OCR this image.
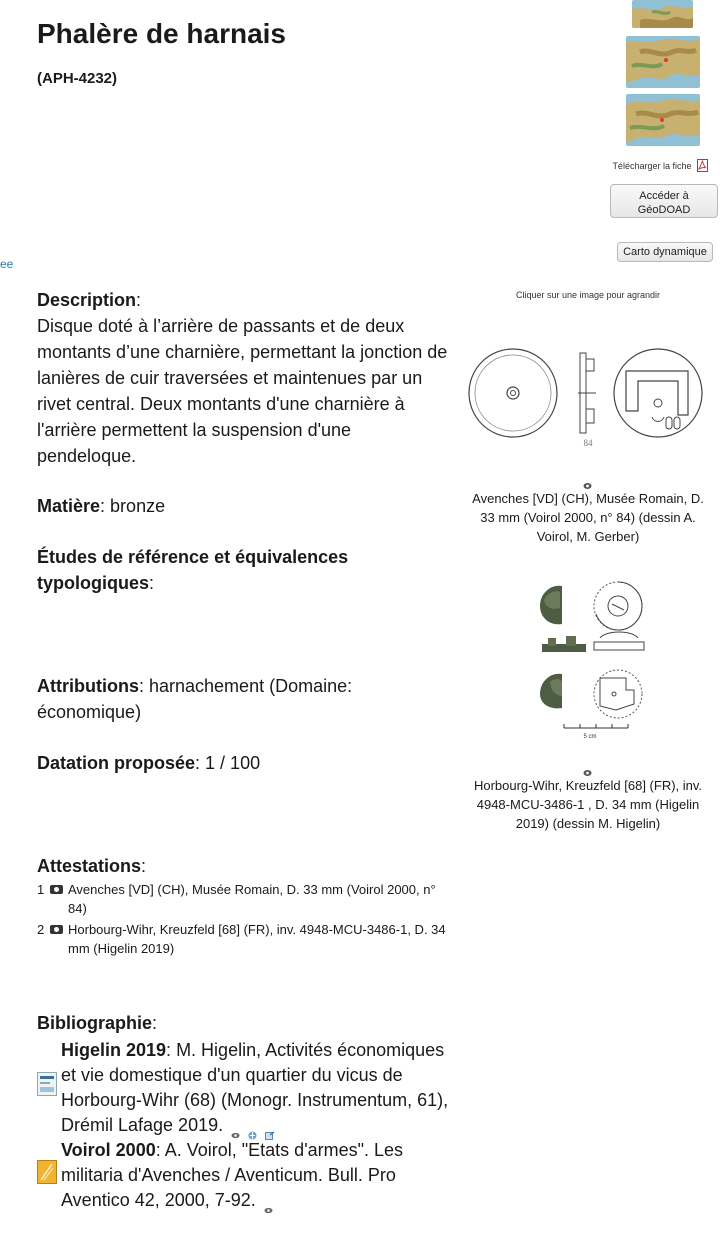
Phalère de harnais
(APH-4232)
ee
Télécharger la fiche
Accéder à
GéoDOAD
Carto dynamique
Cliquer sur une image pour agrandir
Description:
Disque doté à l’arrière de passants et de deux montants d’une charnière, permettant la jonction de lanières de cuir traversées et maintenues par un rivet central. Deux montants d'une charnière à l'arrière permettent la suspension d'une pendeloque.
Matière: bronze
Études de référence et équivalences typologiques:
Attributions: harnachement (Domaine: économique)
Datation proposée: 1 / 100
Attestations:
1 Avenches [VD] (CH), Musée Romain, D. 33 mm (Voirol 2000, n° 84)
2 Horbourg-Wihr, Kreuzfeld [68] (FR), inv. 4948-MCU-3486-1, D. 34 mm (Higelin 2019)
Bibliographie:
Higelin 2019: M. Higelin, Activités économiques et vie domestique d'un quartier du vicus de Horbourg-Wihr (68) (Monogr. Instrumentum, 61), Drémil Lafage 2019.
Voirol 2000: A. Voirol, "Etats d'armes". Les militaria d'Avenches / Aventicum. Bull. Pro Aventico 42, 2000, 7-92.
84
Avenches [VD] (CH), Musée Romain, D. 33 mm (Voirol 2000, n° 84) (dessin A. Voirol, M. Gerber)
5 cm
Horbourg-Wihr, Kreuzfeld [68] (FR), inv. 4948-MCU-3486-1 , D. 34 mm (Higelin 2019) (dessin M. Higelin)
